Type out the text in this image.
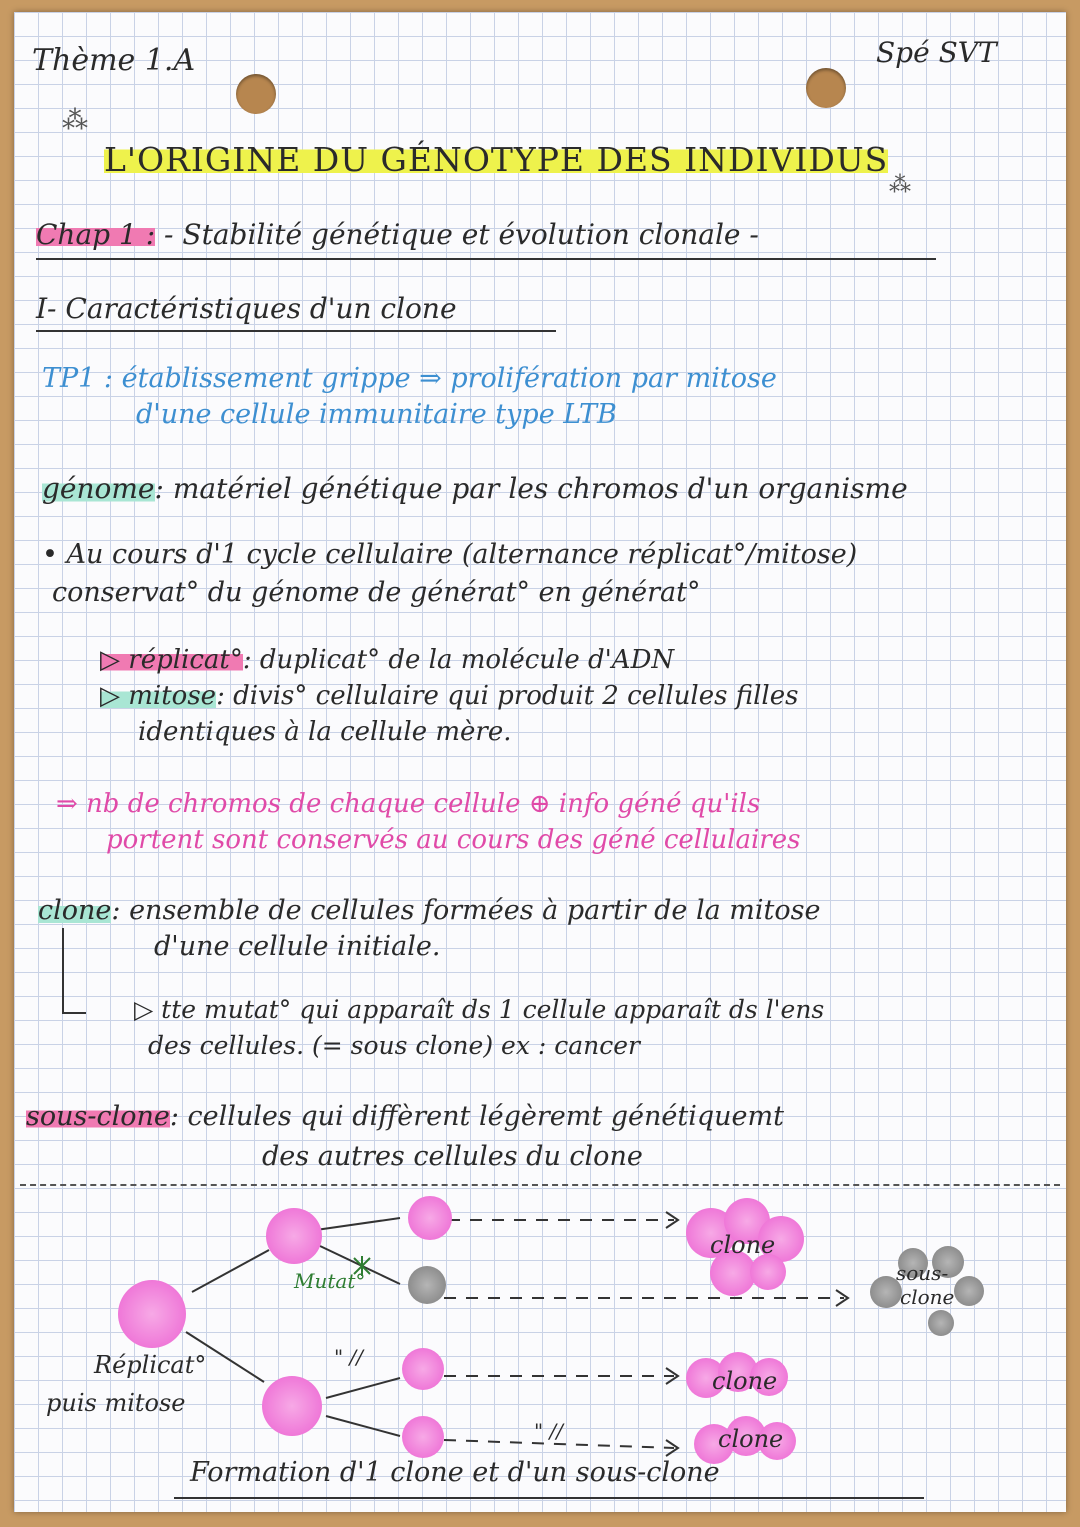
Thème 1.A	Spé SVT
⁂
L'ORIGINE DU GÉNOTYPE DES INDIVIDUS
⁂
Chap 1 : - Stabilité génétique et évolution clonale -
I- Caractéristiques d'un clone
TP1 : établissement grippe ⇒ prolifération par mitose
d'une cellule immunitaire type LTB
génome: matériel génétique par les chromos d'un organisme
• Au cours d'1 cycle cellulaire (alternance réplicat°/mitose)
conservat° du génome de générat° en générat°
▷ réplicat°: duplicat° de la molécule d'ADN
▷ mitose: divis° cellulaire qui produit 2 cellules filles
identiques à la cellule mère.
⇒ nb de chromos de chaque cellule ⊕ info géné qu'ils
portent sont conservés au cours des géné cellulaires
clone: ensemble de cellules formées à partir de la mitose
d'une cellule initiale.
▷ tte mutat° qui apparaît ds 1 cellule apparaît ds l'ens
des cellules. (= sous clone) ex : cancer
sous-clone: cellules qui diffèrent légèremt génétiquemt
des autres cellules du clone
clone
sous-
clone
clone
clone
Mutat°
" //
" //
Réplicat°
puis mitose
Formation d'1 clone et d'un sous-clone
